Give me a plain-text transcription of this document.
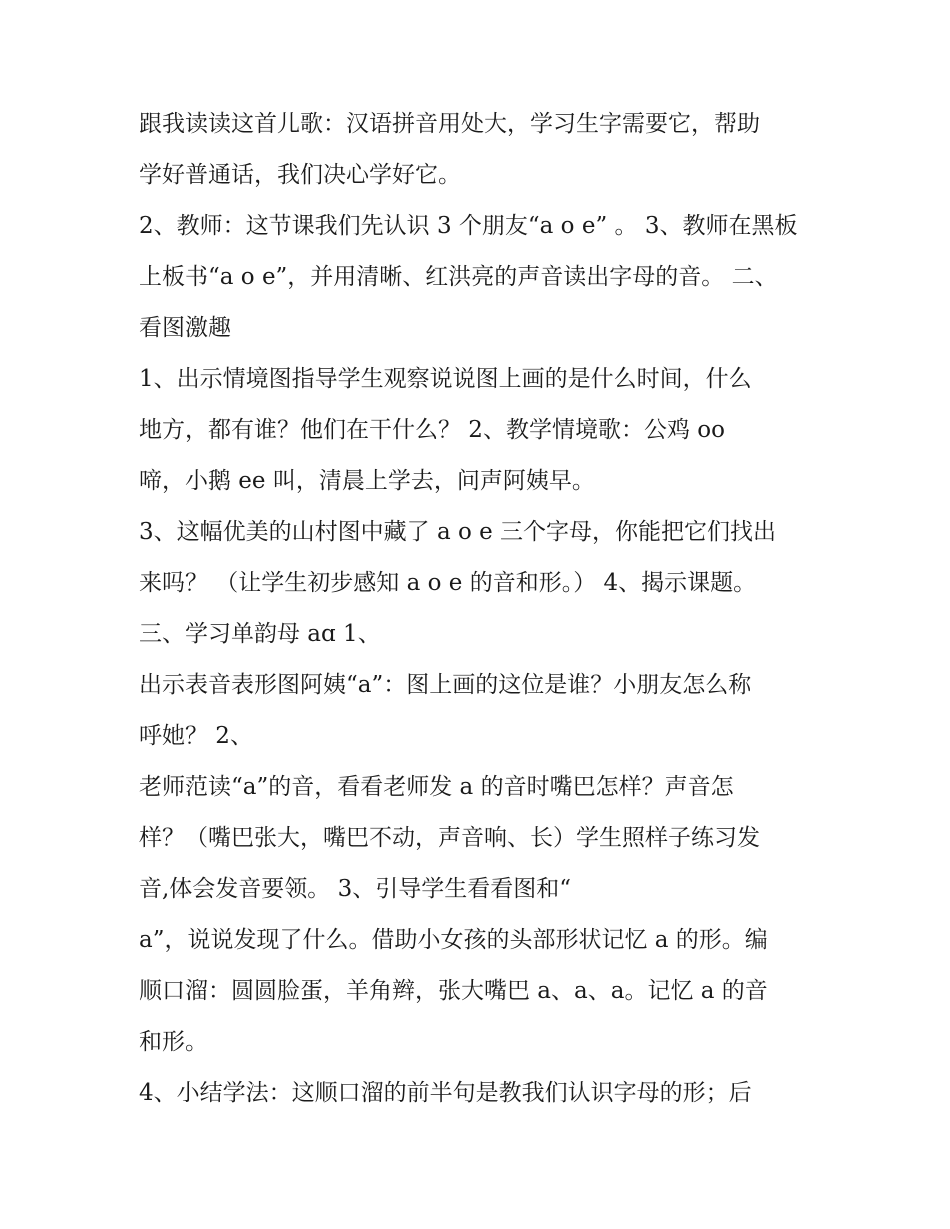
跟我读读这首儿歌：汉语拼音用处大，学习生字需要它，帮助
学好普通话，我们决心学好它。
2、教师：这节课我们先认识 3 个朋友“a o e” 。 3、教师在黑板
上板书“a o e”，并用清晰、红洪亮的声音读出字母的音。 二、
看图激趣
1、出示情境图指导学生观察说说图上画的是什么时间，什么
地方，都有谁？他们在干什么？ 2、教学情境歌：公鸡 oo
啼，小鹅 ee 叫，清晨上学去，问声阿姨早。
3、这幅优美的山村图中藏了 a o e 三个字母，你能把它们找出
来吗？ （让学生初步感知 a o e 的音和形。） 4、揭示课题。
三、学习单韵母 aɑ 1、
出示表音表形图阿姨“a”：图上画的这位是谁？小朋友怎么称
呼她？ 2、
老师范读“a”的音，看看老师发 a 的音时嘴巴怎样？声音怎
样？（嘴巴张大，嘴巴不动，声音响、长）学生照样子练习发
音,体会发音要领。 3、引导学生看看图和“
a”，说说发现了什么。借助小女孩的头部形状记忆 a 的形。编
顺口溜：圆圆脸蛋，羊角辫，张大嘴巴 a、a、a。记忆 a 的音
和形。
4、小结学法：这顺口溜的前半句是教我们认识字母的形；后
